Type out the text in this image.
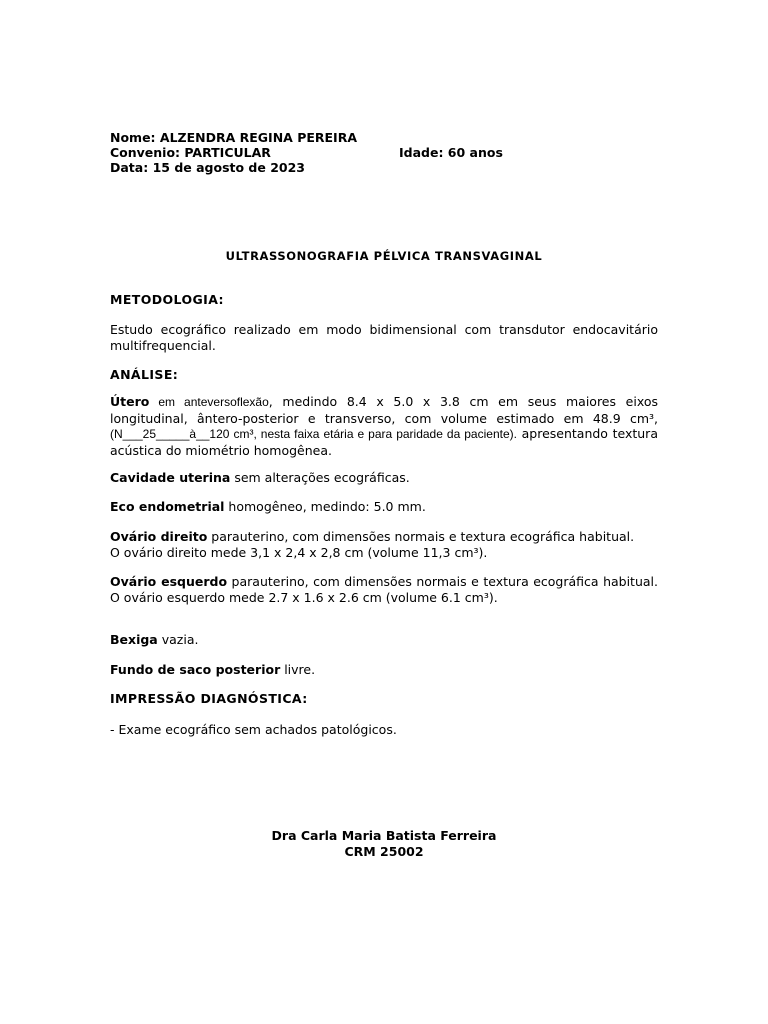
Nome: ALZENDRA REGINA PEREIRA
Convenio: PARTICULAR	Idade: 60 anos
Data: 15 de agosto de 2023
ULTRASSONOGRAFIA PÉLVICA TRANSVAGINAL
METODOLOGIA:
Estudo ecográfico realizado em modo bidimensional com transdutor endocavitário multifrequencial.
ANÁLISE:
Útero em anteversoflexão, medindo 8.4 x 5.0 x 3.8 cm em seus maiores eixos longitudinal, ântero-posterior e transverso, com volume estimado em 48.9 cm³, (N___25_____à__120 cm³, nesta faixa etária e para paridade da paciente). apresentando textura acústica do miométrio homogênea.
Cavidade uterina sem alterações ecográficas.
Eco endometrial homogêneo, medindo: 5.0 mm.
Ovário direito parauterino, com dimensões normais e textura ecográfica habitual.
O ovário direito mede 3,1 x 2,4 x 2,8 cm (volume 11,3 cm³).
Ovário esquerdo parauterino, com dimensões normais e textura ecográfica habitual. O ovário esquerdo mede 2.7 x 1.6 x 2.6 cm (volume 6.1 cm³).
Bexiga vazia.
Fundo de saco posterior livre.
IMPRESSÃO DIAGNÓSTICA:
- Exame ecográfico sem achados patológicos.
Dra Carla Maria Batista Ferreira
CRM 25002
